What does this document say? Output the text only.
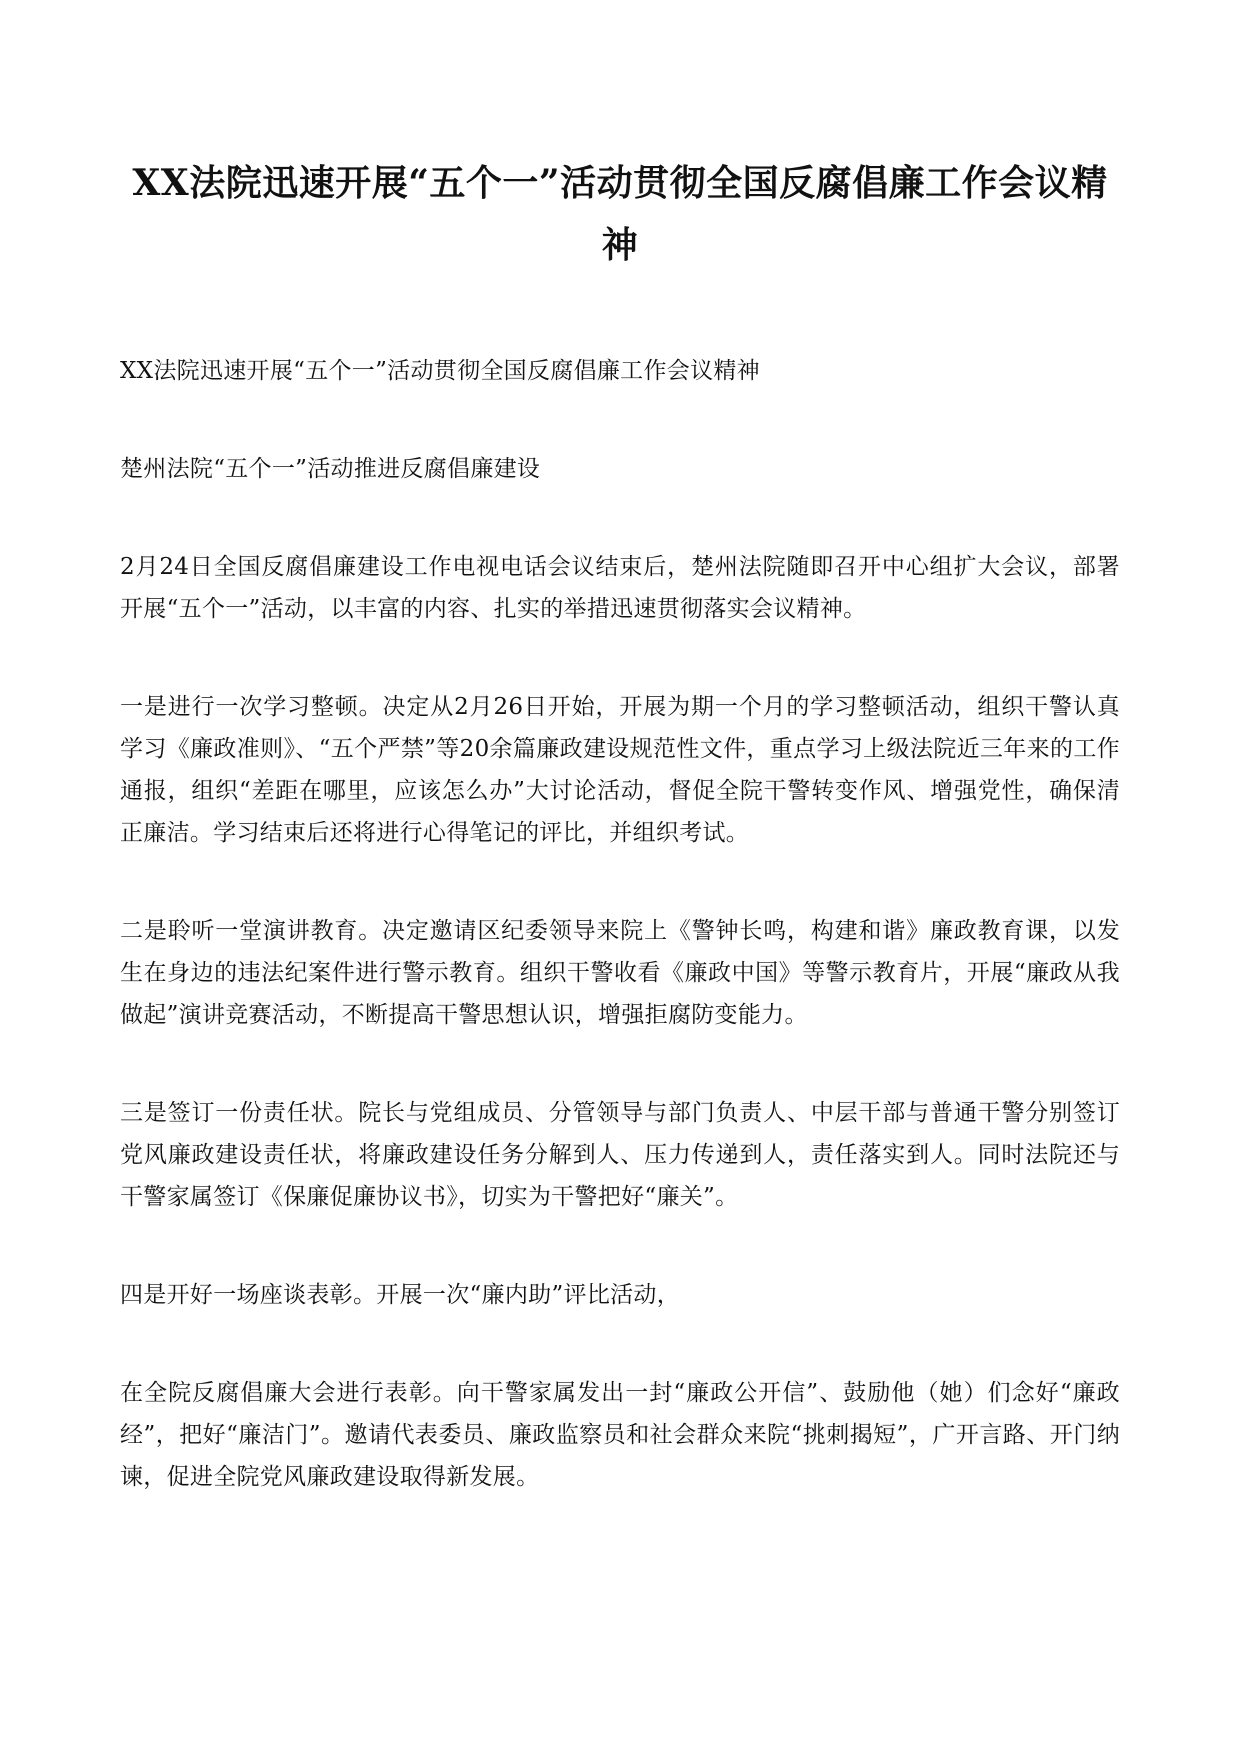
XX法院迅速开展“五个一”活动贯彻全国反腐倡廉工作会议精神

XX法院迅速开展“五个一”活动贯彻全国反腐倡廉工作会议精神

楚州法院“五个一”活动推进反腐倡廉建设

2月24日全国反腐倡廉建设工作电视电话会议结束后，楚州法院随即召开中心组扩大会议，部署开展“五个一”活动，以丰富的内容、扎实的举措迅速贯彻落实会议精神。

一是进行一次学习整顿。决定从2月26日开始，开展为期一个月的学习整顿活动，组织干警认真学习《廉政准则》、“五个严禁”等20余篇廉政建设规范性文件，重点学习上级法院近三年来的工作通报，组织“差距在哪里，应该怎么办”大讨论活动，督促全院干警转变作风、增强党性，确保清正廉洁。学习结束后还将进行心得笔记的评比，并组织考试。

二是聆听一堂演讲教育。决定邀请区纪委领导来院上《警钟长鸣，构建和谐》廉政教育课，以发生在身边的违法纪案件进行警示教育。组织干警收看《廉政中国》等警示教育片，开展“廉政从我做起”演讲竞赛活动，不断提高干警思想认识，增强拒腐防变能力。

三是签订一份责任状。院长与党组成员、分管领导与部门负责人、中层干部与普通干警分别签订党风廉政建设责任状，将廉政建设任务分解到人、压力传递到人，责任落实到人。同时法院还与干警家属签订《保廉促廉协议书》，切实为干警把好“廉关”。

四是开好一场座谈表彰。开展一次“廉内助”评比活动，

在全院反腐倡廉大会进行表彰。向干警家属发出一封“廉政公开信”、鼓励他（她）们念好“廉政经”，把好“廉洁门”。邀请代表委员、廉政监察员和社会群众来院“挑刺揭短”，广开言路、开门纳谏，促进全院党风廉政建设取得新发展。
